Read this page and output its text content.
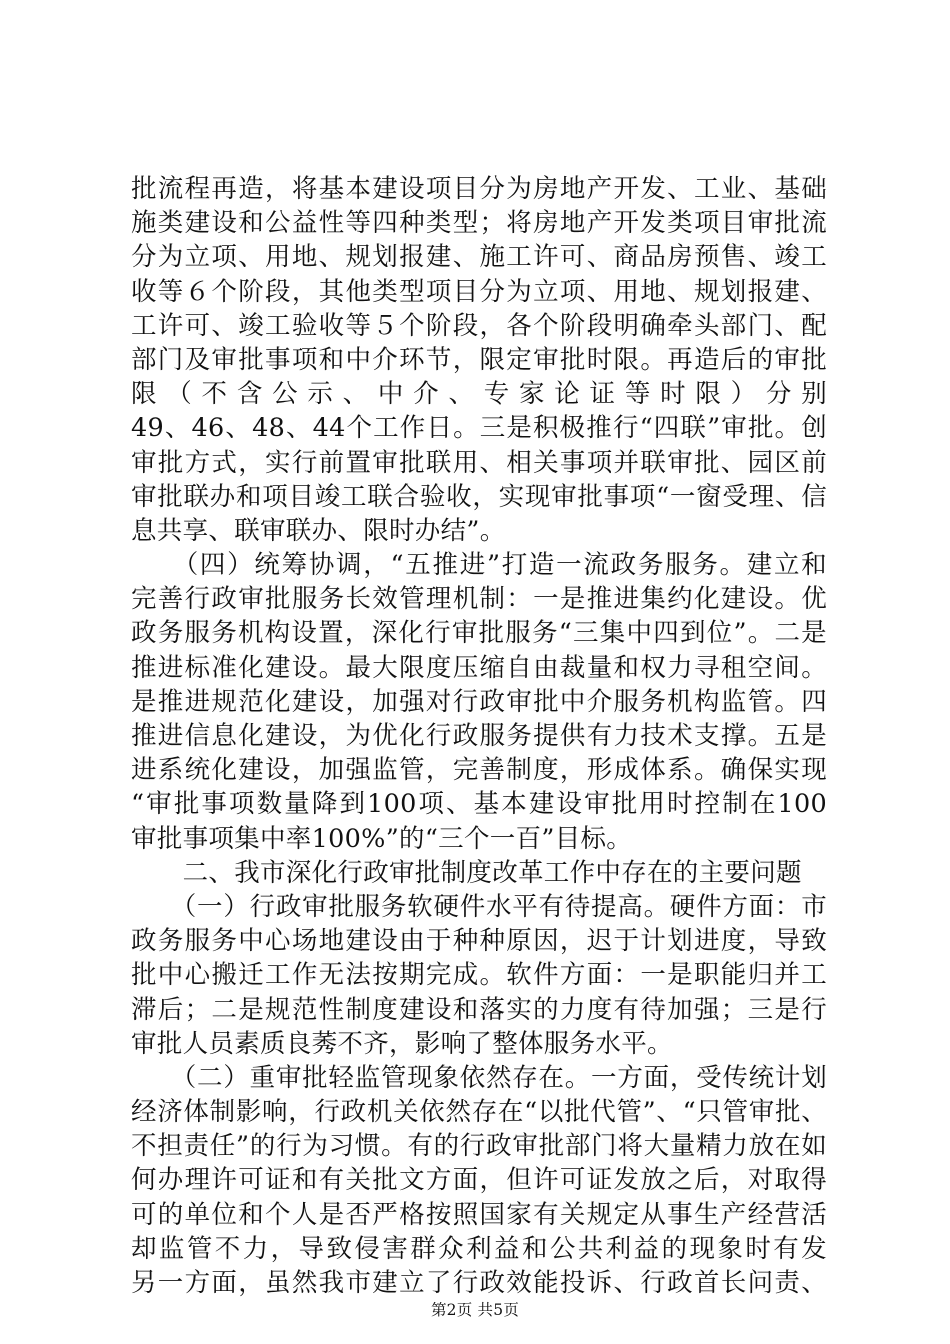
批流程再造，将基本建设项目分为房地产开发、工业、基础
施类建设和公益性等四种类型；将房地产开发类项目审批流
分为立项、用地、规划报建、施工许可、商品房预售、竣工
收等６个阶段，其他类型项目分为立项、用地、规划报建、
工许可、竣工验收等５个阶段，各个阶段明确牵头部门、配
部门及审批事项和中介环节，限定审批时限。再造后的审批
限 （ 不 含 公 示 、 中 介 、 专 家 论 证 等 时 限 ） 分 别
49、46、48、44个工作日。三是积极推行“四联”审批。创
审批方式，实行前置审批联用、相关事项并联审批、园区前
审批联办和项目竣工联合验收，实现审批事项“一窗受理、信
息共享、联审联办、限时办结”。
　　（四）统筹协调，“五推进”打造一流政务服务。建立和
完善行政审批服务长效管理机制：一是推进集约化建设。优
政务服务机构设置，深化行审批服务“三集中四到位”。二是
推进标准化建设。最大限度压缩自由裁量和权力寻租空间。
是推进规范化建设，加强对行政审批中介服务机构监管。四
推进信息化建设，为优化行政服务提供有力技术支撑。五是
进系统化建设，加强监管，完善制度，形成体系。确保实现
“审批事项数量降到100项、基本建设审批用时控制在100
审批事项集中率100%”的“三个一百”目标。
　　二、我市深化行政审批制度改革工作中存在的主要问题
　　（一）行政审批服务软硬件水平有待提高。硬件方面：市
政务服务中心场地建设由于种种原因，迟于计划进度，导致
批中心搬迁工作无法按期完成。软件方面：一是职能归并工
滞后；二是规范性制度建设和落实的力度有待加强；三是行
审批人员素质良莠不齐，影响了整体服务水平。
　　（二）重审批轻监管现象依然存在。一方面，受传统计划
经济体制影响，行政机关依然存在“以批代管”、“只管审批、
不担责任”的行为习惯。有的行政审批部门将大量精力放在如
何办理许可证和有关批文方面，但许可证发放之后，对取得
可的单位和个人是否严格按照国家有关规定从事生产经营活
却监管不力，导致侵害群众利益和公共利益的现象时有发
另一方面，虽然我市建立了行政效能投诉、行政首长问责、
第2页 共5页
